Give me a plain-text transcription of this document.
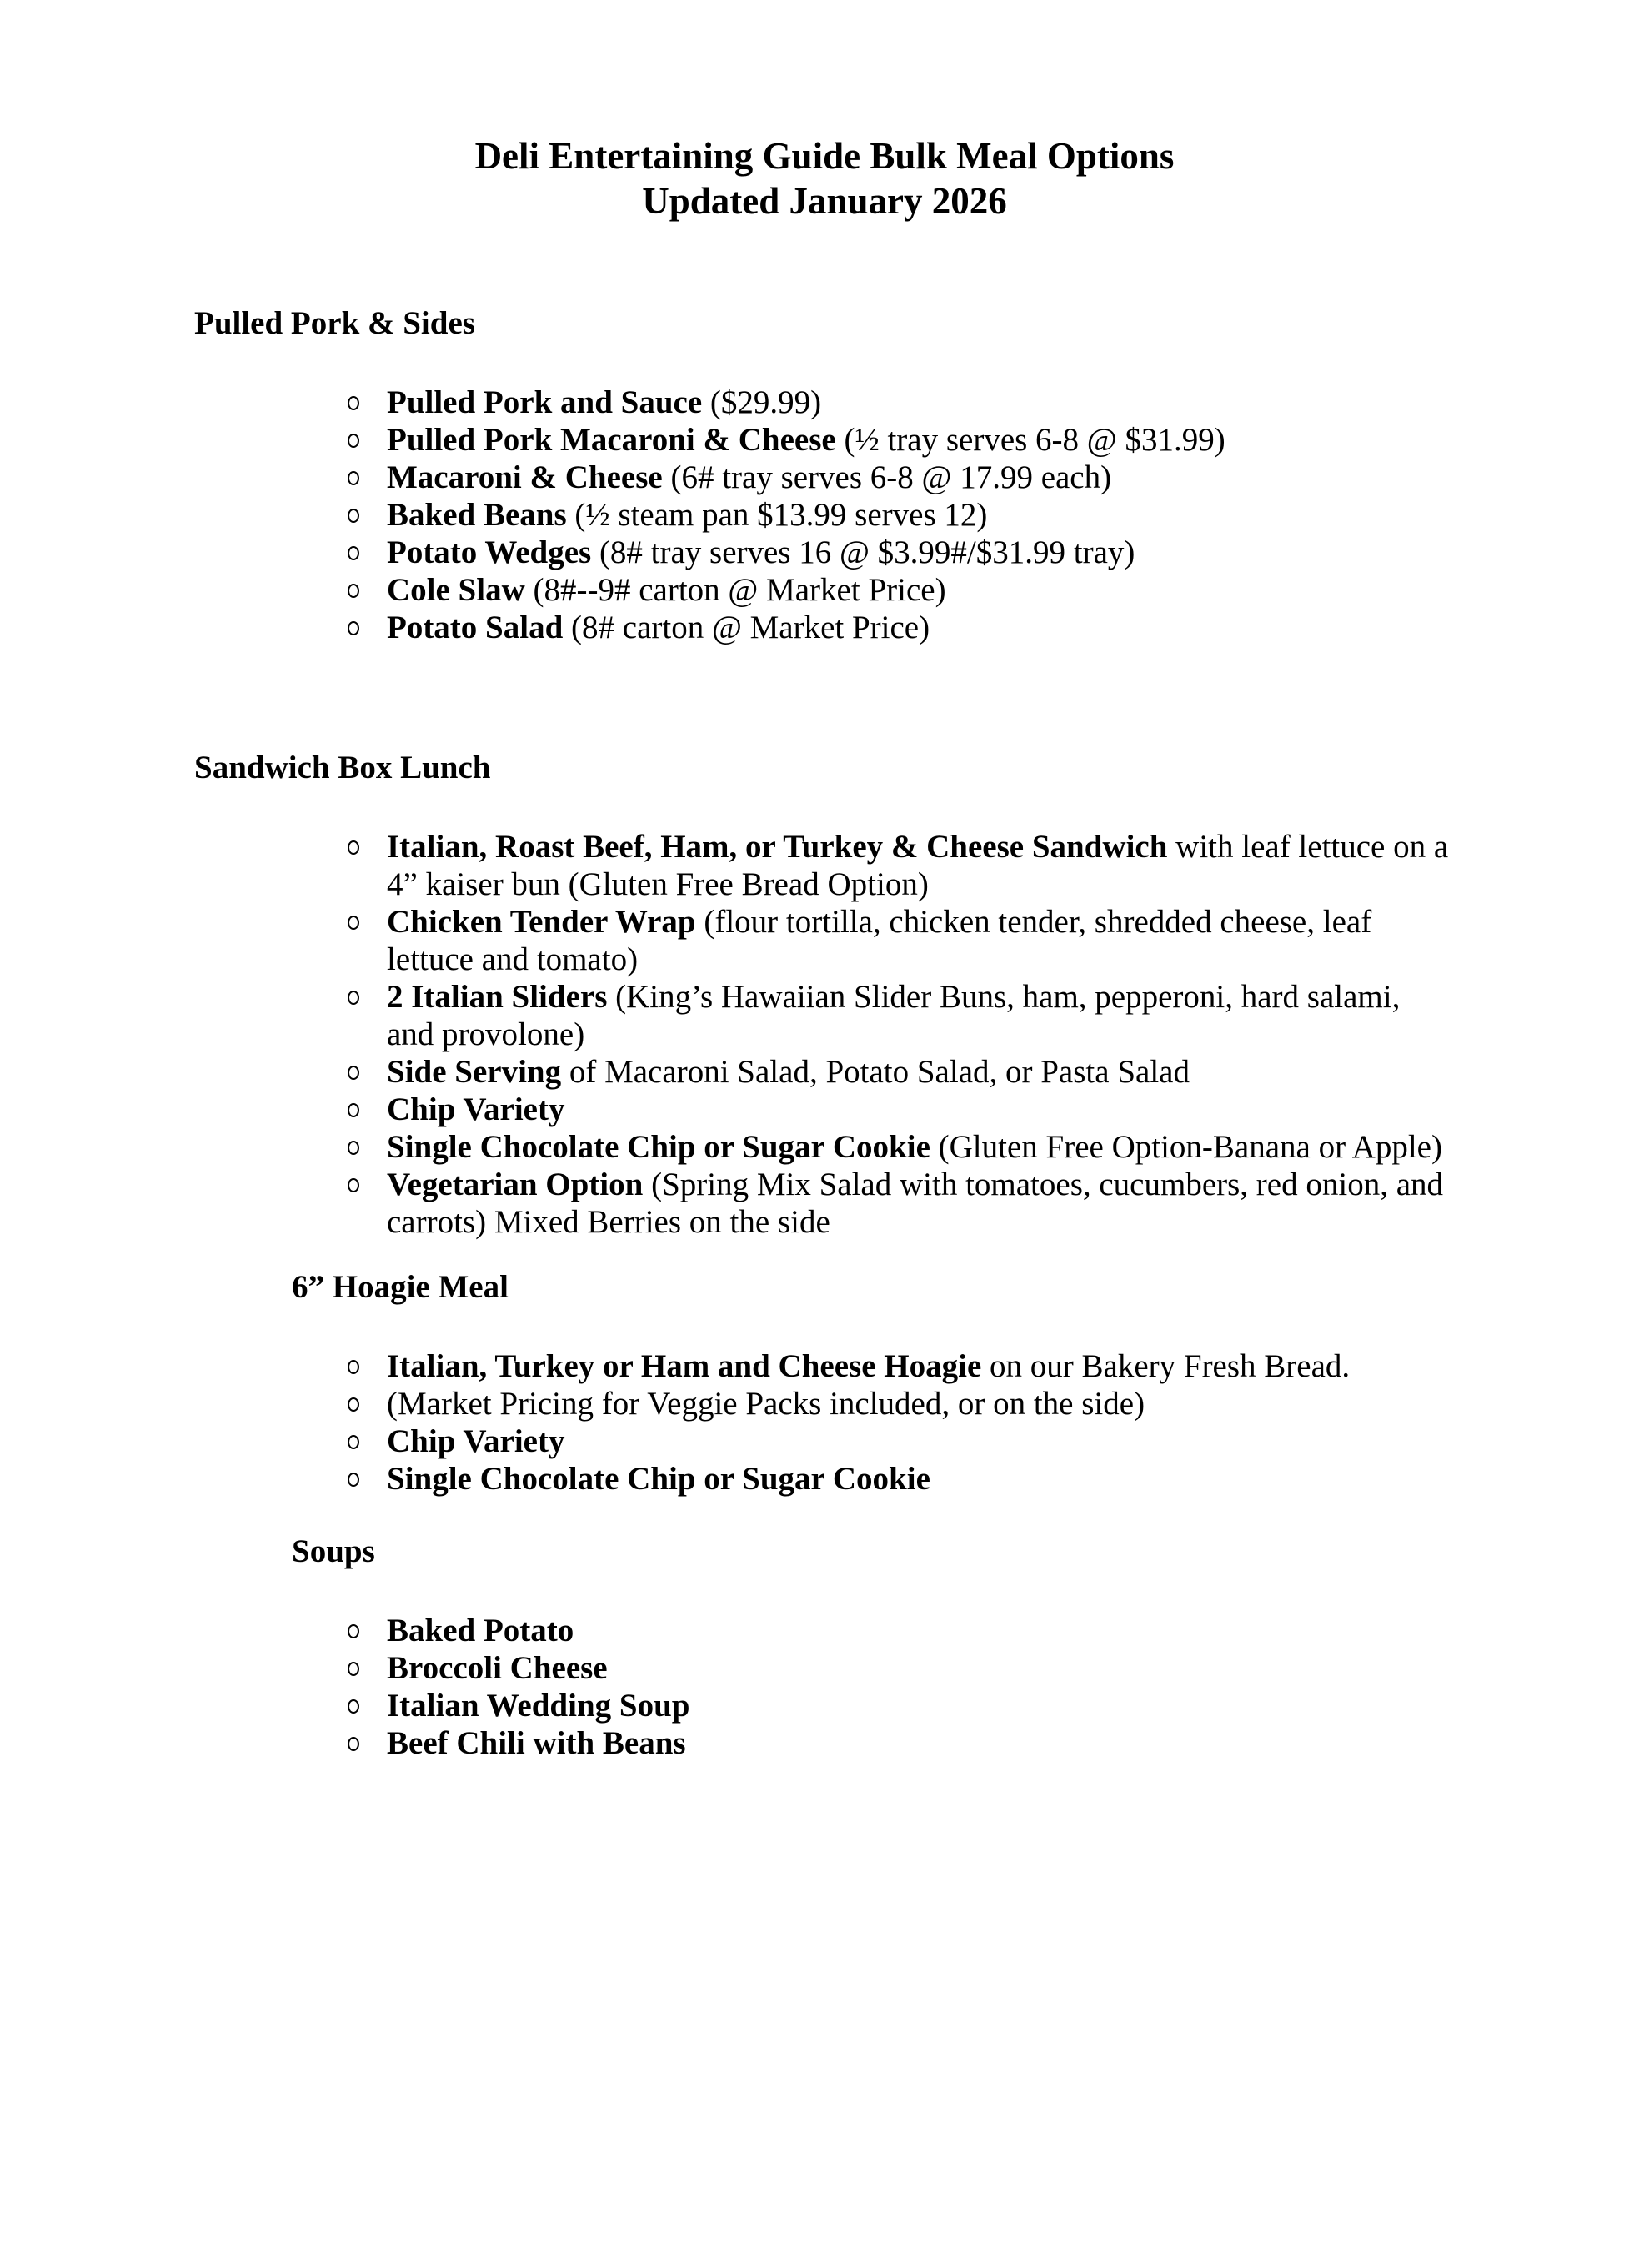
Deli Entertaining Guide Bulk Meal Options
Updated January 2026
Pulled Pork & Sides
Pulled Pork and Sauce ($29.99)
Pulled Pork Macaroni & Cheese (½ tray serves 6-8 @ $31.99)
Macaroni & Cheese (6# tray serves 6-8 @ 17.99 each)
Baked Beans (½ steam pan $13.99 serves 12)
Potato Wedges (8# tray serves 16 @ $3.99#/$31.99 tray)
Cole Slaw (8#--9# carton @ Market Price)
Potato Salad (8# carton @ Market Price)
Sandwich Box Lunch
Italian, Roast Beef, Ham, or Turkey & Cheese Sandwich with leaf lettuce on a 4” kaiser bun (Gluten Free Bread Option)
Chicken Tender Wrap (flour tortilla, chicken tender, shredded cheese, leaf lettuce and tomato)
2 Italian Sliders (King’s Hawaiian Slider Buns, ham, pepperoni, hard salami, and provolone)
Side Serving of Macaroni Salad, Potato Salad, or Pasta Salad
Chip Variety
Single Chocolate Chip or Sugar Cookie (Gluten Free Option-Banana or Apple)
Vegetarian Option (Spring Mix Salad with tomatoes, cucumbers, red onion, and carrots) Mixed Berries on the side
6” Hoagie Meal
Italian, Turkey or Ham and Cheese Hoagie on our Bakery Fresh Bread.
(Market Pricing for Veggie Packs included, or on the side)
Chip Variety
Single Chocolate Chip or Sugar Cookie
Soups
Baked Potato
Broccoli Cheese
Italian Wedding Soup
Beef Chili with Beans
